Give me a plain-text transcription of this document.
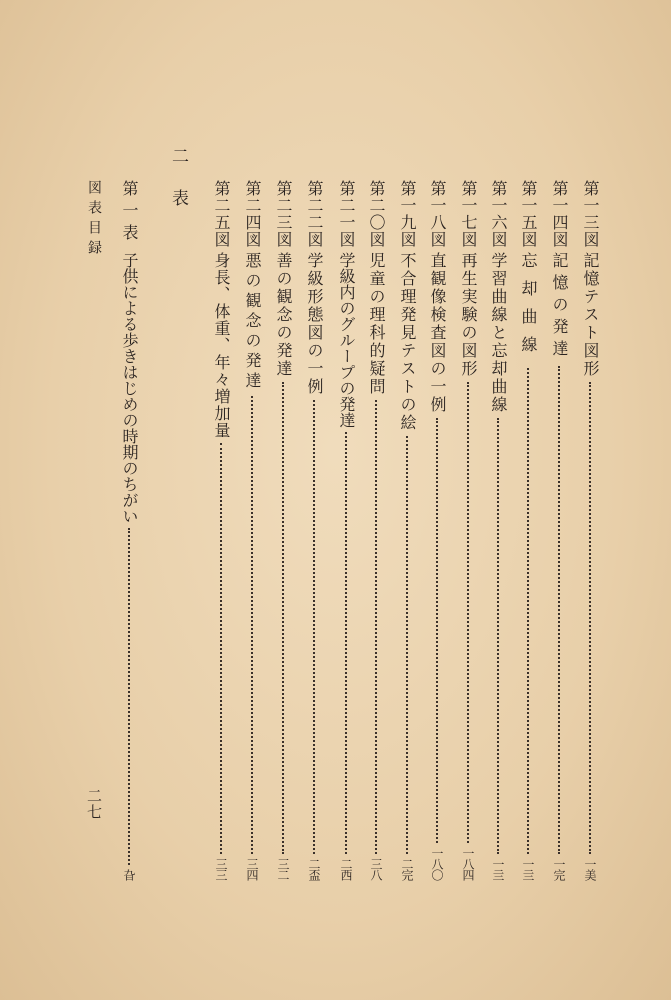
第一三図
記憶テスト図形
一美
第一四図
記憶の発達
一完
第一五図
忘却曲線
一亖
第一六図
学習曲線と忘却曲線
一亖
第一七図
再生実験の図形
一八四
第一八図
直観像検査図の一例
一八〇
第一九図
不合理発見テストの絵
二完
第二〇図
児童の理科的疑問
三八
第二一図
学級内のグループの発達
二西
第二二図
学級形態図の一例
二盃
第二三図
善の観念の発達
三二
第二四図
悪の観念の発達
三四
第二五図
身長、体重、年々増加量
三三
二　表
第一表
子供による歩きはじめの時期のちがい
旮
図表目録
二七
